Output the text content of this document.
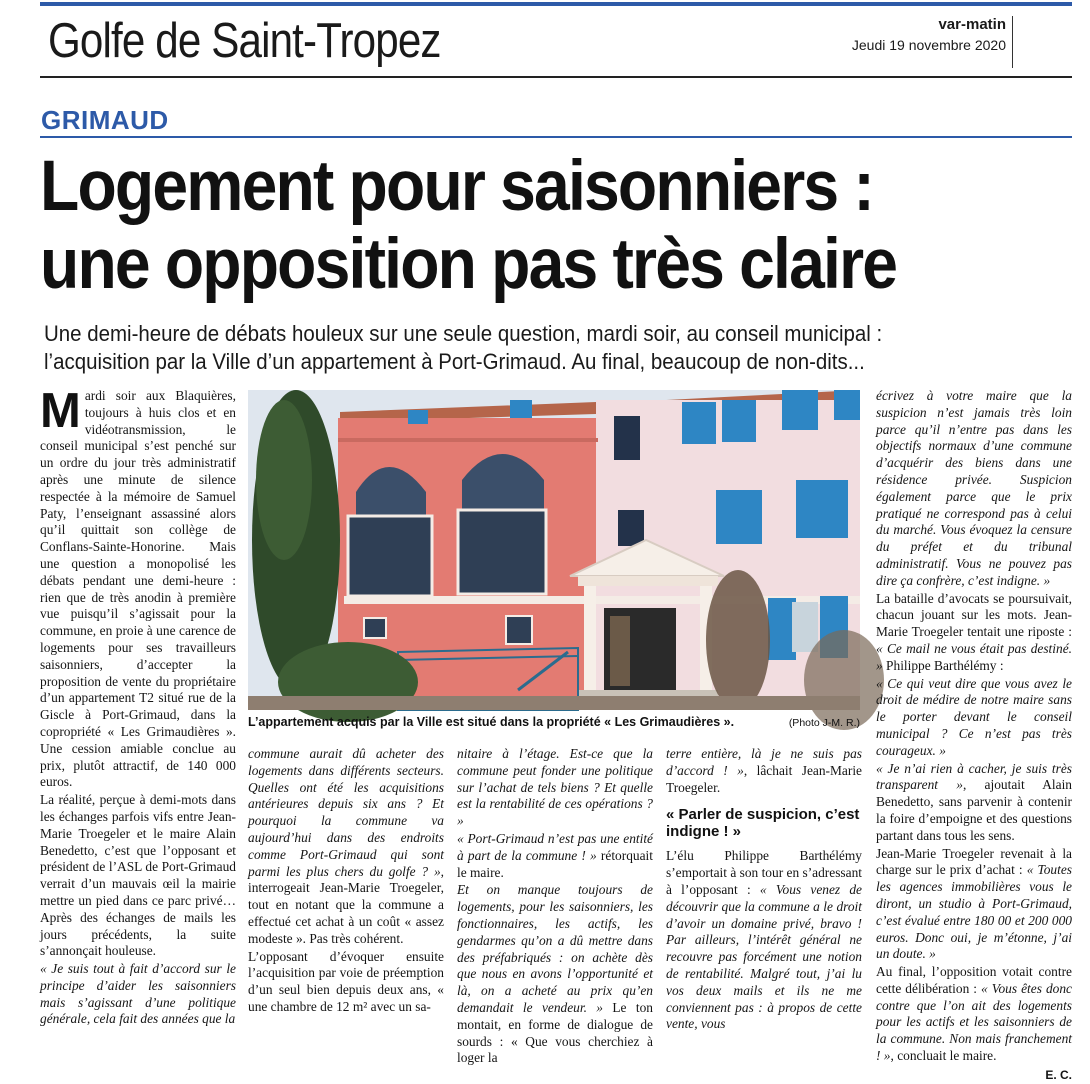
Golfe de Saint-Tropez	var-matin
Jeudi 19 novembre 2020
GRIMAUD
Logement pour saisonniers :
une opposition pas très claire
Une demi-heure de débats houleux sur une seule question, mardi soir, au conseil municipal :
l’acquisition par la Ville d’un appartement à Port-Grimaud. Au final, beaucoup de non-dits...

Mardi soir aux Blaquières, toujours à huis clos et en vidéotransmission, le conseil municipal s’est penché sur un ordre du jour très administratif après une minute de silence respectée à la mémoire de Samuel Paty, l’enseignant assassiné alors qu’il quittait son collège de Conflans-Sainte-Honorine. Mais une question a monopolisé les débats pendant une demi-heure : rien que de très anodin à première vue puisqu’il s’agissait pour la commune, en proie à une carence de logements pour ses travailleurs saisonniers, d’accepter la proposition de vente du propriétaire d’un appartement T2 situé rue de la Giscle à Port-Grimaud, dans la copropriété « Les Grimaudières ». Une cession amiable conclue au prix, plutôt attractif, de 140 000 euros.

La réalité, perçue à demi-mots dans les échanges parfois vifs entre Jean-Marie Troegeler et le maire Alain Benedetto, c’est que l’opposant et président de l’ASL de Port-Grimaud verrait d’un mauvais œil la mairie mettre un pied dans ce parc privé… Après des échanges de mails les jours précédents, la suite s’annonçait houleuse.

« Je suis tout à fait d’accord sur le principe d’aider les saisonniers mais s’agissant d’une politique générale, cela fait des années que la

L’appartement acquis par la Ville est situé dans la propriété « Les Grimaudières ».	(Photo J-M. R.)

commune aurait dû acheter des logements dans différents secteurs. Quelles ont été les acquisitions antérieures depuis six ans ? Et pourquoi la commune va aujourd’hui dans des endroits comme Port-Grimaud qui sont parmi les plus chers du golfe ? », interrogeait Jean-Marie Troegeler, tout en notant que la commune a effectué cet achat à un coût « assez modeste ». Pas très cohérent.

L’opposant d’évoquer ensuite l’acquisition par voie de préemption d’un seul bien depuis deux ans, « une chambre de 12 m² avec un sa-

nitaire à l’étage. Est-ce que la commune peut fonder une politique sur l’achat de tels biens ? Et quelle est la rentabilité de ces opérations ? »

« Port-Grimaud n’est pas une entité à part de la commune ! » rétorquait le maire.

Et on manque toujours de logements, pour les saisonniers, les fonctionnaires, les actifs, les gendarmes qu’on a dû mettre dans des préfabriqués : on achète dès que nous en avons l’opportunité et là, on a acheté au prix qu’en demandait le vendeur. » Le ton montait, en forme de dialogue de sourds : « Que vous cherchiez à loger la

terre entière, là je ne suis pas d’accord ! », lâchait Jean-Marie Troegeler.

« Parler de suspicion, c’est indigne ! »

L’élu Philippe Barthélémy s’emportait à son tour en s’adressant à l’opposant : « Vous venez de découvrir que la commune a le droit d’avoir un domaine privé, bravo ! Par ailleurs, l’intérêt général ne recouvre pas forcément une notion de rentabilité. Malgré tout, j’ai lu vos deux mails et ils ne me conviennent pas : à propos de cette vente, vous

écrivez à votre maire que la suspicion n’est jamais très loin parce qu’il n’entre pas dans les objectifs normaux d’une commune d’acquérir des biens dans une résidence privée. Suspicion également parce que le prix pratiqué ne correspond pas à celui du marché. Vous évoquez la censure du préfet et du tribunal administratif. Vous ne pouvez pas dire ça confrère, c’est indigne. »

La bataille d’avocats se poursuivait, chacun jouant sur les mots. Jean-Marie Troegeler tentait une riposte : « Ce mail ne vous était pas destiné. » Philippe Barthélémy :

« Ce qui veut dire que vous avez le droit de médire de notre maire sans le porter devant le conseil municipal ? Ce n’est pas très courageux. »

« Je n’ai rien à cacher, je suis très transparent », ajoutait Alain Benedetto, sans parvenir à contenir la foire d’empoigne et des questions partant dans tous les sens.

Jean-Marie Troegeler revenait à la charge sur le prix d’achat : « Toutes les agences immobilières vous le diront, un studio à Port-Grimaud, c’est évalué entre 180 00 et 200 000 euros. Donc oui, je m’étonne, j’ai un doute. »

Au final, l’opposition votait contre cette délibération : « Vous êtes donc contre que l’on ait des logements pour les actifs et les saisonniers de la commune. Non mais franchement ! », concluait le maire.

E. C.
